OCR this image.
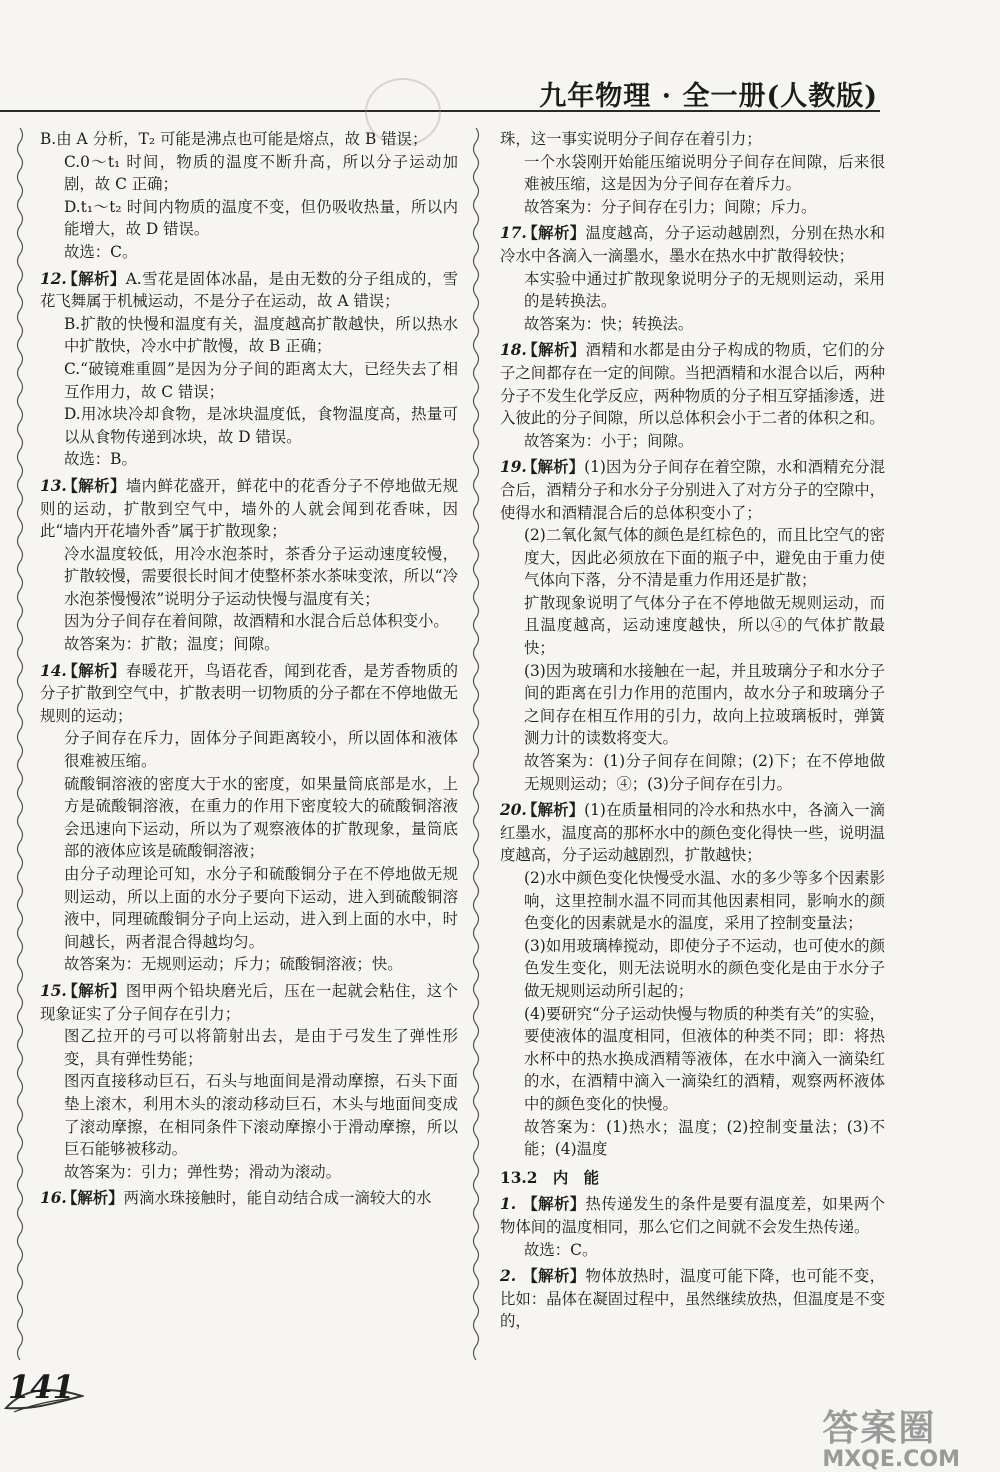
九年物理 · 全一册(人教版)
B.由 A 分析，T₂ 可能是沸点也可能是熔点，故 B 错误；
C.0～t₁ 时间，物质的温度不断升高，所以分子运动加剧，故 C 正确；
D.t₁～t₂ 时间内物质的温度不变，但仍吸收热量，所以内能增大，故 D 错误。
故选：C。
12.【解析】A.雪花是固体冰晶，是由无数的分子组成的，雪花飞舞属于机械运动，不是分子在运动，故 A 错误；
B.扩散的快慢和温度有关，温度越高扩散越快，所以热水中扩散快，冷水中扩散慢，故 B 正确；
C.“破镜难重圆”是因为分子间的距离太大，已经失去了相互作用力，故 C 错误；
D.用冰块冷却食物，是冰块温度低，食物温度高，热量可以从食物传递到冰块，故 D 错误。
故选：B。
13.【解析】墙内鲜花盛开，鲜花中的花香分子不停地做无规则的运动，扩散到空气中，墙外的人就会闻到花香味，因此“墙内开花墙外香”属于扩散现象；
冷水温度较低，用冷水泡茶时，茶香分子运动速度较慢，扩散较慢，需要很长时间才使整杯茶水茶味变浓，所以“冷水泡茶慢慢浓”说明分子运动快慢与温度有关；
因为分子间存在着间隙，故酒精和水混合后总体积变小。
故答案为：扩散；温度；间隙。
14.【解析】春暖花开，鸟语花香，闻到花香，是芳香物质的分子扩散到空气中，扩散表明一切物质的分子都在不停地做无规则的运动；
分子间存在斥力，固体分子间距离较小，所以固体和液体很难被压缩。
硫酸铜溶液的密度大于水的密度，如果量筒底部是水，上方是硫酸铜溶液，在重力的作用下密度较大的硫酸铜溶液会迅速向下运动，所以为了观察液体的扩散现象，量筒底部的液体应该是硫酸铜溶液；
由分子动理论可知，水分子和硫酸铜分子在不停地做无规则运动，所以上面的水分子要向下运动，进入到硫酸铜溶液中，同理硫酸铜分子向上运动，进入到上面的水中，时间越长，两者混合得越均匀。
故答案为：无规则运动；斥力；硫酸铜溶液；快。
15.【解析】图甲两个铅块磨光后，压在一起就会粘住，这个现象证实了分子间存在引力；
图乙拉开的弓可以将箭射出去，是由于弓发生了弹性形变，具有弹性势能；
图丙直接移动巨石，石头与地面间是滑动摩擦，石头下面垫上滚木，利用木头的滚动移动巨石，木头与地面间变成了滚动摩擦，在相同条件下滚动摩擦小于滑动摩擦，所以巨石能够被移动。
故答案为：引力；弹性势；滑动为滚动。
16.【解析】两滴水珠接触时，能自动结合成一滴较大的水
珠，这一事实说明分子间存在着引力；
一个水袋刚开始能压缩说明分子间存在间隙，后来很难被压缩，这是因为分子间存在着斥力。
故答案为：分子间存在引力；间隙；斥力。
17.【解析】温度越高，分子运动越剧烈，分别在热水和冷水中各滴入一滴墨水，墨水在热水中扩散得较快；
本实验中通过扩散现象说明分子的无规则运动，采用的是转换法。
故答案为：快；转换法。
18.【解析】酒精和水都是由分子构成的物质，它们的分子之间都存在一定的间隙。当把酒精和水混合以后，两种分子不发生化学反应，两种物质的分子相互穿插渗透，进入彼此的分子间隙，所以总体积会小于二者的体积之和。
故答案为：小于；间隙。
19.【解析】(1)因为分子间存在着空隙，水和酒精充分混合后，酒精分子和水分子分别进入了对方分子的空隙中，使得水和酒精混合后的总体积变小了；
(2)二氧化氮气体的颜色是红棕色的，而且比空气的密度大，因此必须放在下面的瓶子中，避免由于重力使气体向下落，分不清是重力作用还是扩散；
扩散现象说明了气体分子在不停地做无规则运动，而且温度越高，运动速度越快，所以④的气体扩散最快；
(3)因为玻璃和水接触在一起，并且玻璃分子和水分子间的距离在引力作用的范围内，故水分子和玻璃分子之间存在相互作用的引力，故向上拉玻璃板时，弹簧测力计的读数将变大。
故答案为：(1)分子间存在间隙；(2)下；在不停地做无规则运动；④；(3)分子间存在引力。
20.【解析】(1)在质量相同的冷水和热水中，各滴入一滴红墨水，温度高的那杯水中的颜色变化得快一些，说明温度越高，分子运动越剧烈，扩散越快；
(2)水中颜色变化快慢受水温、水的多少等多个因素影响，这里控制水温不同而其他因素相同，影响水的颜色变化的因素就是水的温度，采用了控制变量法；
(3)如用玻璃棒搅动，即使分子不运动，也可使水的颜色发生变化，则无法说明水的颜色变化是由于水分子做无规则运动所引起的；
(4)要研究“分子运动快慢与物质的种类有关”的实验，要使液体的温度相同，但液体的种类不同；即：将热水杯中的热水换成酒精等液体，在水中滴入一滴染红的水，在酒精中滴入一滴染红的酒精，观察两杯液体中的颜色变化的快慢。
故答案为：(1)热水；温度；(2)控制变量法；(3)不能；(4)温度
13.2　内　能
1. 【解析】热传递发生的条件是要有温度差，如果两个物体间的温度相同，那么它们之间就不会发生热传递。
故选：C。
2. 【解析】物体放热时，温度可能下降，也可能不变，比如：晶体在凝固过程中，虽然继续放热，但温度是不变的，
141
答案圈
MXQE.COM
